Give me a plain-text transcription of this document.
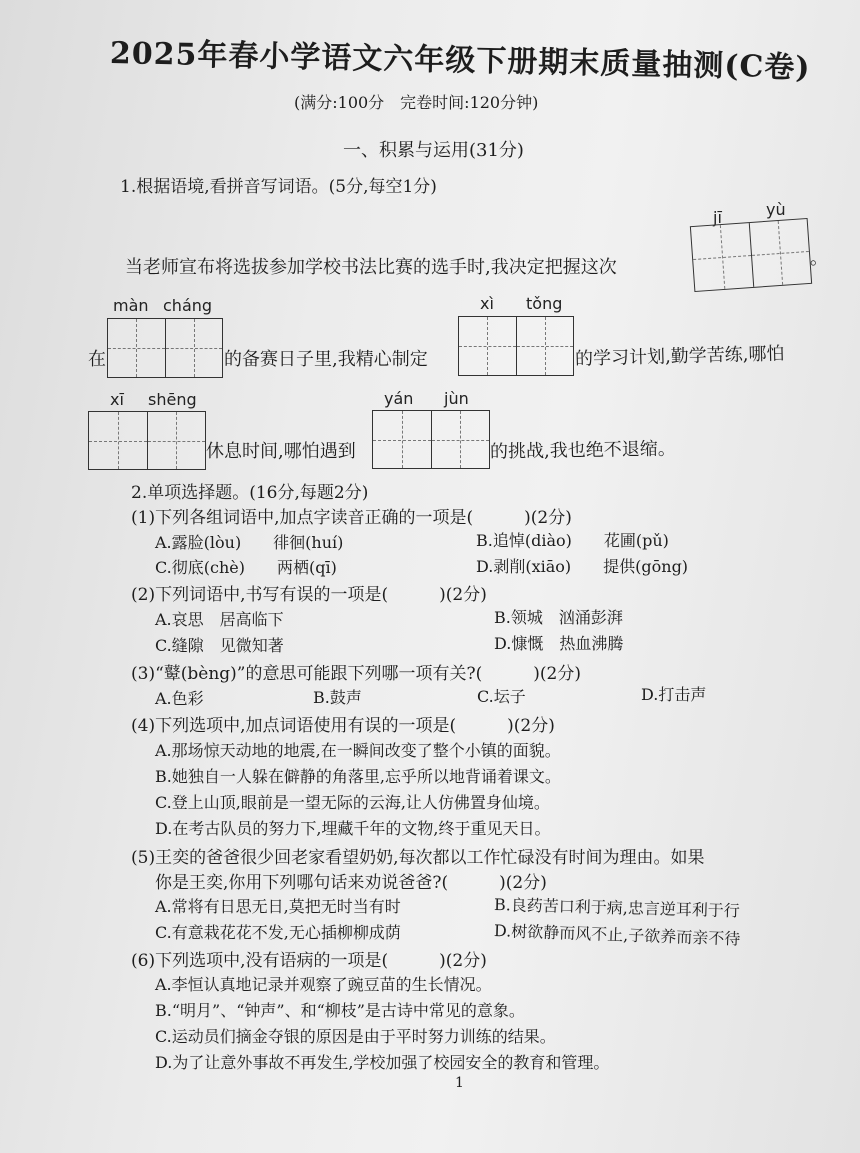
2025年春小学语文六年级下册期末质量抽测(C卷)
(满分:100分　完卷时间:120分钟)
一、积累与运用(31分)
1.根据语境,看拼音写词语。(5分,每空1分)
jī	yù
当老师宣布将选拔参加学校书法比赛的选手时,我决定把握这次	。
màn cháng	xì tǒng
在	的备赛日子里,我精心制定	的学习计划,勤学苦练,哪怕
xī shēng	yán jùn
休息时间,哪怕遇到	的挑战,我也绝不退缩。
2.单项选择题。(16分,每题2分)
(1)下列各组词语中,加点字读音正确的一项是(　　　)(2分)
A.露脸(lòu)　　徘徊(huí)	B.追悼(diào)　　花圃(pǔ)
C.彻底(chè)　　两栖(qī)	D.剥削(xiāo)　　提供(gōng)
(2)下列词语中,书写有误的一项是(　　　)(2分)
A.哀思　居高临下	B.领城　汹涌彭湃
C.缝隙　见微知著	D.慷慨　热血沸腾
(3)“鼙(bèng)”的意思可能跟下列哪一项有关?(　　　)(2分)
A.色彩	B.鼓声	C.坛子	D.打击声
(4)下列选项中,加点词语使用有误的一项是(　　　)(2分)
A.那场惊天动地的地震,在一瞬间改变了整个小镇的面貌。
B.她独自一人躲在僻静的角落里,忘乎所以地背诵着课文。
C.登上山顶,眼前是一望无际的云海,让人仿佛置身仙境。
D.在考古队员的努力下,埋藏千年的文物,终于重见天日。
(5)王奕的爸爸很少回老家看望奶奶,每次都以工作忙碌没有时间为理由。如果
你是王奕,你用下列哪句话来劝说爸爸?(　　　)(2分)
A.常将有日思无日,莫把无时当有时	B.良药苦口利于病,忠言逆耳利于行
C.有意栽花花不发,无心插柳柳成荫	D.树欲静而风不止,子欲养而亲不待
(6)下列选项中,没有语病的一项是(　　　)(2分)
A.李恒认真地记录并观察了豌豆苗的生长情况。
B.“明月”、“钟声”、和“柳枝”是古诗中常见的意象。
C.运动员们摘金夺银的原因是由于平时努力训练的结果。
D.为了让意外事故不再发生,学校加强了校园安全的教育和管理。
1
